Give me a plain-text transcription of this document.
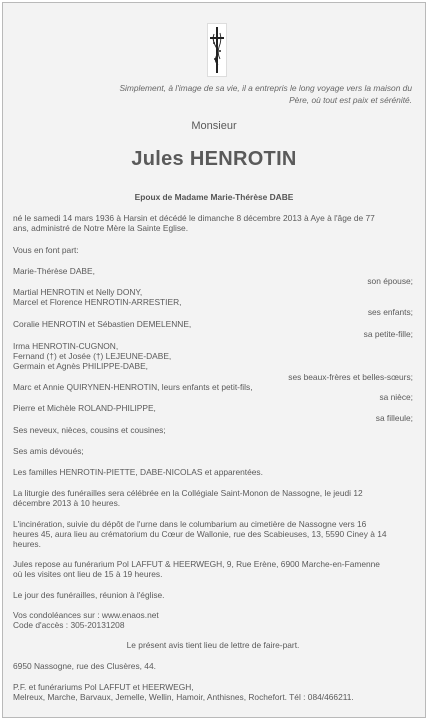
Simplement, à l'image de sa vie, il a entrepris le long voyage vers la maison du
Père, où tout est paix et sérénité.
Monsieur
Jules HENROTIN
Epoux de Madame Marie-Thérèse DABE
né le samedi 14 mars 1936 à Harsin et décédé le dimanche 8 décembre 2013 à Aye à l'âge de 77
ans, administré de Notre Mère la Sainte Eglise.
Vous en font part:
Marie-Thérèse DABE,
son épouse;
Martial HENROTIN et Nelly DONY,
Marcel et Florence HENROTIN-ARRESTIER,
ses enfants;
Coralie HENROTIN et Sébastien DEMELENNE,
sa petite-fille;
Irma HENROTIN-CUGNON,
Fernand (†) et Josée (†) LEJEUNE-DABE,
Germain et Agnès PHILIPPE-DABE,
ses beaux-frères et belles-sœurs;
Marc et Annie QUIRYNEN-HENROTIN, leurs enfants et petit-fils,
sa nièce;
Pierre et Michèle ROLAND-PHILIPPE,
sa filleule;
Ses neveux, nièces, cousins et cousines;
Ses amis dévoués;
Les familles HENROTIN-PIETTE, DABE-NICOLAS et apparentées.
La liturgie des funérailles sera célébrée en la Collégiale Saint-Monon de Nassogne, le jeudi 12
décembre 2013 à 10 heures.
L'incinération, suivie du dépôt de l'urne dans le columbarium au cimetière de Nassogne vers 16
heures 45, aura lieu au crématorium du Cœur de Wallonie, rue des Scabieuses, 13, 5590 Ciney à 14
heures.
Jules repose au funérarium Pol LAFFUT & HEERWEGH, 9, Rue Erène, 6900 Marche-en-Famenne
où les visites ont lieu de 15 à 19 heures.
Le jour des funérailles, réunion à l'église.
Vos condoléances sur : www.enaos.net
Code d'accès : 305-20131208
Le présent avis tient lieu de lettre de faire-part.
6950 Nassogne, rue des Clusères, 44.
P.F. et funérariums Pol LAFFUT et HEERWEGH,
Melreux, Marche, Barvaux, Jemelle, Wellin, Hamoir, Anthisnes, Rochefort. Tél : 084/466211.
